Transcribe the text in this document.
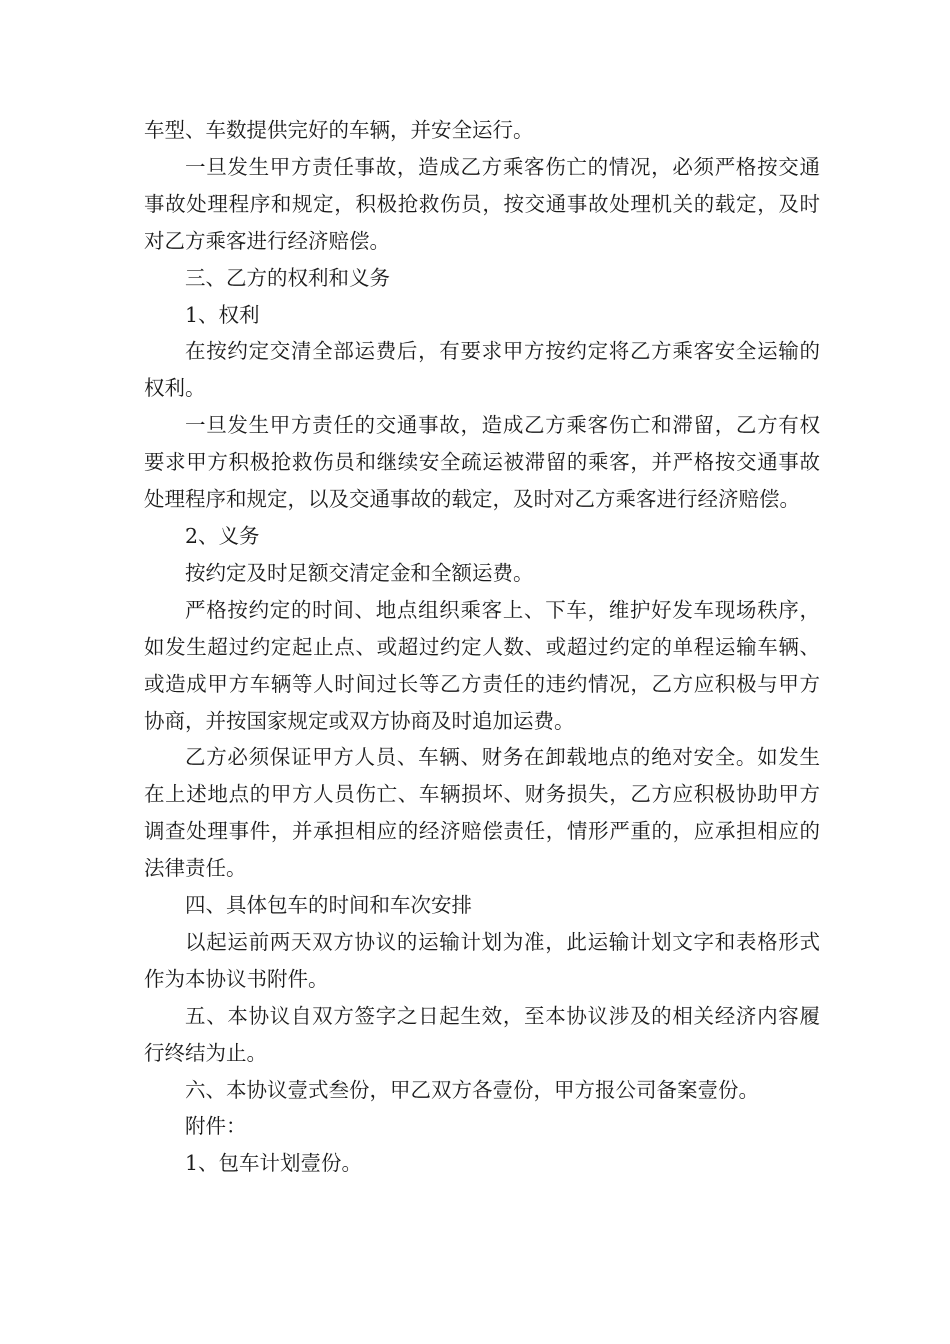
车型、车数提供完好的车辆，并安全运行。

一旦发生甲方责任事故，造成乙方乘客伤亡的情况，必须严格按交通事故处理程序和规定，积极抢救伤员，按交通事故处理机关的载定，及时对乙方乘客进行经济赔偿。

三、乙方的权利和义务

1、权利

在按约定交清全部运费后，有要求甲方按约定将乙方乘客安全运输的权利。

一旦发生甲方责任的交通事故，造成乙方乘客伤亡和滞留，乙方有权要求甲方积极抢救伤员和继续安全疏运被滞留的乘客，并严格按交通事故处理程序和规定，以及交通事故的载定，及时对乙方乘客进行经济赔偿。

2、义务

按约定及时足额交清定金和全额运费。

严格按约定的时间、地点组织乘客上、下车，维护好发车现场秩序，如发生超过约定起止点、或超过约定人数、或超过约定的单程运输车辆、或造成甲方车辆等人时间过长等乙方责任的违约情况，乙方应积极与甲方协商，并按国家规定或双方协商及时追加运费。

乙方必须保证甲方人员、车辆、财务在卸载地点的绝对安全。如发生在上述地点的甲方人员伤亡、车辆损坏、财务损失，乙方应积极协助甲方调查处理事件，并承担相应的经济赔偿责任，情形严重的，应承担相应的法律责任。

四、具体包车的时间和车次安排

以起运前两天双方协议的运输计划为准，此运输计划文字和表格形式作为本协议书附件。

五、本协议自双方签字之日起生效，至本协议涉及的相关经济内容履行终结为止。

六、本协议壹式叁份，甲乙双方各壹份，甲方报公司备案壹份。

附件：

1、包车计划壹份。
